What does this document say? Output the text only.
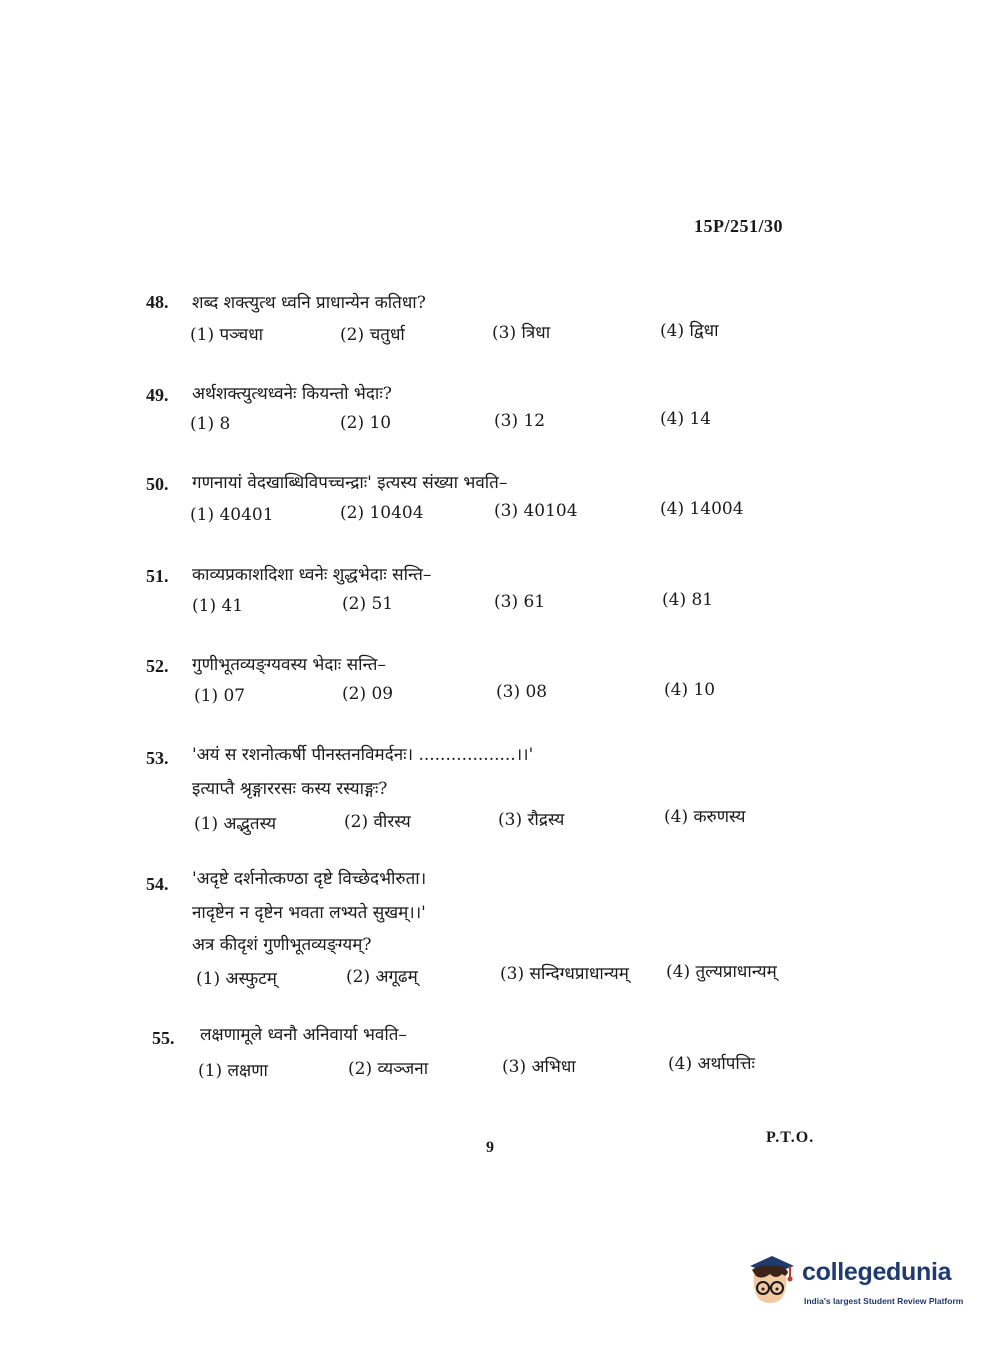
15P/251/30
48. शब्द शक्त्युत्थ ध्वनि प्राधान्येन कतिधा?
(1) पञ्चधा	(2) चतुर्धा	(3) त्रिधा	(4) द्विधा
49. अर्थशक्त्युत्थध्वनेः कियन्तो भेदाः?
(1) 8	(2) 10	(3) 12	(4) 14
50. गणनायां वेदखाब्धिविपच्चन्द्राः' इत्यस्य संख्या भवति–
(1) 40401	(2) 10404	(3) 40104	(4) 14004
51. काव्यप्रकाशदिशा ध्वनेः शुद्धभेदाः सन्ति–
(1) 41	(2) 51	(3) 61	(4) 81
52. गुणीभूतव्यङ्ग्यवस्य भेदाः सन्ति–
(1) 07	(2) 09	(3) 08	(4) 10
53. 'अयं स रशनोत्कर्षी पीनस्तनविमर्दनः। ..................।।'
इत्याप्तै श्रृङ्गाररसः कस्य रस्याङ्गः?
(1) अद्भुतस्य	(2) वीरस्य	(3) रौद्रस्य	(4) करुणस्य
54. 'अदृष्टे दर्शनोत्कण्ठा दृष्टे विच्छेदभीरुता।
नादृष्टेन न दृष्टेन भवता लभ्यते सुखम्।।'
अत्र कीदृशं गुणीभूतव्यङ्ग्यम्?
(1) अस्फुटम्	(2) अगूढम्	(3) सन्दिग्धप्राधान्यम् (4) तुल्यप्राधान्यम्
55. लक्षणामूले ध्वनौ अनिवार्या भवति–
(1) लक्षणा	(2) व्यञ्जना	(3) अभिधा	(4) अर्थापत्तिः
9
P.T.O.
collegedunia
India's largest Student Review Platform
